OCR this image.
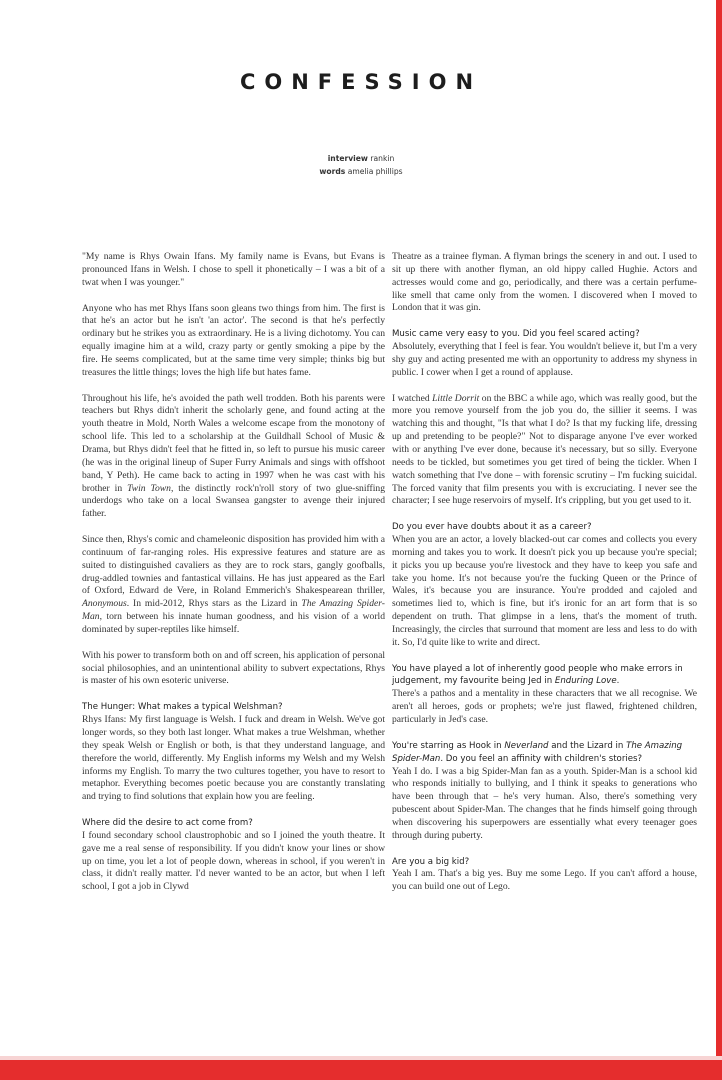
CONFESSION
interview rankin
words amelia phillips

"My name is Rhys Owain Ifans. My family name is Evans, but Evans is pronounced Ifans in Welsh. I chose to spell it phonetically – I was a bit of a twat when I was younger."

Anyone who has met Rhys Ifans soon gleans two things from him. The first is that he's an actor but he isn't 'an actor'. The second is that he's perfectly ordinary but he strikes you as extraordinary. He is a living dichotomy. You can equally imagine him at a wild, crazy party or gently smoking a pipe by the fire. He seems complicated, but at the same time very simple; thinks big but treasures the little things; loves the high life but hates fame.

Throughout his life, he's avoided the path well trodden. Both his parents were teachers but Rhys didn't inherit the scholarly gene, and found acting at the youth theatre in Mold, North Wales a welcome escape from the monotony of school life. This led to a scholarship at the Guildhall School of Music & Drama, but Rhys didn't feel that he fitted in, so left to pursue his music career (he was in the original lineup of Super Furry Animals and sings with offshoot band, Y Peth). He came back to acting in 1997 when he was cast with his brother in Twin Town, the distinctly rock'n'roll story of two glue-sniffing underdogs who take on a local Swansea gangster to avenge their injured father.

Since then, Rhys's comic and chameleonic disposition has provided him with a continuum of far-ranging roles. His expressive features and stature are as suited to distinguished cavaliers as they are to rock stars, gangly goofballs, drug-addled townies and fantastical villains. He has just appeared as the Earl of Oxford, Edward de Vere, in Roland Emmerich's Shakespearean thriller, Anonymous. In mid-2012, Rhys stars as the Lizard in The Amazing Spider-Man, torn between his innate human goodness, and his vision of a world dominated by super-reptiles like himself.

With his power to transform both on and off screen, his application of personal social philosophies, and an unintentional ability to subvert expectations, Rhys is master of his own esoteric universe.

The Hunger: What makes a typical Welshman?

Rhys Ifans: My first language is Welsh. I fuck and dream in Welsh. We've got longer words, so they both last longer. What makes a true Welshman, whether they speak Welsh or English or both, is that they understand language, and therefore the world, differently. My English informs my Welsh and my Welsh informs my English. To marry the two cultures together, you have to resort to metaphor. Everything becomes poetic because you are constantly translating and trying to find solutions that explain how you are feeling.

Where did the desire to act come from?

I found secondary school claustrophobic and so I joined the youth theatre. It gave me a real sense of responsibility. If you didn't know your lines or show up on time, you let a lot of people down, whereas in school, if you weren't in class, it didn't really matter. I'd never wanted to be an actor, but when I left school, I got a job in Clywd

Theatre as a trainee flyman. A flyman brings the scenery in and out. I used to sit up there with another flyman, an old hippy called Hughie. Actors and actresses would come and go, periodically, and there was a certain perfume-like smell that came only from the women. I discovered when I moved to London that it was gin.

Music came very easy to you. Did you feel scared acting?

Absolutely, everything that I feel is fear. You wouldn't believe it, but I'm a very shy guy and acting presented me with an opportunity to address my shyness in public. I cower when I get a round of applause.

I watched Little Dorrit on the BBC a while ago, which was really good, but the more you remove yourself from the job you do, the sillier it seems. I was watching this and thought, "Is that what I do? Is that my fucking life, dressing up and pretending to be people?" Not to disparage anyone I've ever worked with or anything I've ever done, because it's necessary, but so silly. Everyone needs to be tickled, but sometimes you get tired of being the tickler. When I watch something that I've done – with forensic scrutiny – I'm fucking suicidal. The forced vanity that film presents you with is excruciating. I never see the character; I see huge reservoirs of myself. It's crippling, but you get used to it.

Do you ever have doubts about it as a career?

When you are an actor, a lovely blacked-out car comes and collects you every morning and takes you to work. It doesn't pick you up because you're special; it picks you up because you're livestock and they have to keep you safe and take you home. It's not because you're the fucking Queen or the Prince of Wales, it's because you are insurance. You're prodded and cajoled and sometimes lied to, which is fine, but it's ironic for an art form that is so dependent on truth. That glimpse in a lens, that's the moment of truth. Increasingly, the circles that surround that moment are less and less to do with it. So, I'd quite like to write and direct.

You have played a lot of inherently good people who make errors in judgement, my favourite being Jed in Enduring Love.

There's a pathos and a mentality in these characters that we all recognise. We aren't all heroes, gods or prophets; we're just flawed, frightened children, particularly in Jed's case.

You're starring as Hook in Neverland and the Lizard in The Amazing Spider-Man. Do you feel an affinity with children's stories?

Yeah I do. I was a big Spider-Man fan as a youth. Spider-Man is a school kid who responds initially to bullying, and I think it speaks to generations who have been through that – he's very human. Also, there's something very pubescent about Spider-Man. The changes that he finds himself going through when discovering his superpowers are essentially what every teenager goes through during puberty.

Are you a big kid?

Yeah I am. That's a big yes. Buy me some Lego. If you can't afford a house, you can build one out of Lego.
